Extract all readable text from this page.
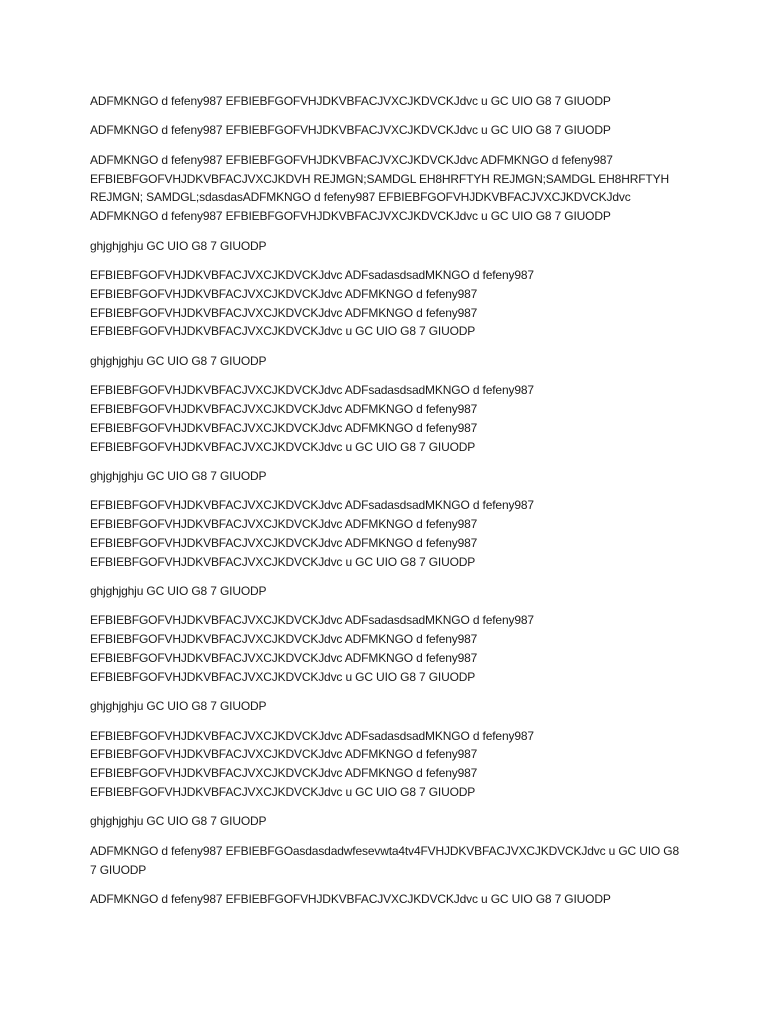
ADFMKNGO d fefeny987 EFBIEBFGOFVHJDKVBFACJVXCJKDVCKJdvc u GC UIO G8 7 GIUODP

ADFMKNGO d fefeny987 EFBIEBFGOFVHJDKVBFACJVXCJKDVCKJdvc u GC UIO G8 7 GIUODP

ADFMKNGO d fefeny987 EFBIEBFGOFVHJDKVBFACJVXCJKDVCKJdvc ADFMKNGO d fefeny987
EFBIEBFGOFVHJDKVBFACJVXCJKDVH REJMGN;SAMDGL EH8HRFTYH REJMGN;SAMDGL EH8HRFTYH
REJMGN; SAMDGL;sdasdasADFMKNGO d fefeny987 EFBIEBFGOFVHJDKVBFACJVXCJKDVCKJdvc
ADFMKNGO d fefeny987 EFBIEBFGOFVHJDKVBFACJVXCJKDVCKJdvc u GC UIO G8 7 GIUODP

ghjghjghju GC UIO G8 7 GIUODP

EFBIEBFGOFVHJDKVBFACJVXCJKDVCKJdvc ADFsadasdsadMKNGO d fefeny987
EFBIEBFGOFVHJDKVBFACJVXCJKDVCKJdvc ADFMKNGO d fefeny987
EFBIEBFGOFVHJDKVBFACJVXCJKDVCKJdvc ADFMKNGO d fefeny987
EFBIEBFGOFVHJDKVBFACJVXCJKDVCKJdvc u GC UIO G8 7 GIUODP

ghjghjghju GC UIO G8 7 GIUODP

EFBIEBFGOFVHJDKVBFACJVXCJKDVCKJdvc ADFsadasdsadMKNGO d fefeny987
EFBIEBFGOFVHJDKVBFACJVXCJKDVCKJdvc ADFMKNGO d fefeny987
EFBIEBFGOFVHJDKVBFACJVXCJKDVCKJdvc ADFMKNGO d fefeny987
EFBIEBFGOFVHJDKVBFACJVXCJKDVCKJdvc u GC UIO G8 7 GIUODP

ghjghjghju GC UIO G8 7 GIUODP

EFBIEBFGOFVHJDKVBFACJVXCJKDVCKJdvc ADFsadasdsadMKNGO d fefeny987
EFBIEBFGOFVHJDKVBFACJVXCJKDVCKJdvc ADFMKNGO d fefeny987
EFBIEBFGOFVHJDKVBFACJVXCJKDVCKJdvc ADFMKNGO d fefeny987
EFBIEBFGOFVHJDKVBFACJVXCJKDVCKJdvc u GC UIO G8 7 GIUODP

ghjghjghju GC UIO G8 7 GIUODP

EFBIEBFGOFVHJDKVBFACJVXCJKDVCKJdvc ADFsadasdsadMKNGO d fefeny987
EFBIEBFGOFVHJDKVBFACJVXCJKDVCKJdvc ADFMKNGO d fefeny987
EFBIEBFGOFVHJDKVBFACJVXCJKDVCKJdvc ADFMKNGO d fefeny987
EFBIEBFGOFVHJDKVBFACJVXCJKDVCKJdvc u GC UIO G8 7 GIUODP

ghjghjghju GC UIO G8 7 GIUODP

EFBIEBFGOFVHJDKVBFACJVXCJKDVCKJdvc ADFsadasdsadMKNGO d fefeny987
EFBIEBFGOFVHJDKVBFACJVXCJKDVCKJdvc ADFMKNGO d fefeny987
EFBIEBFGOFVHJDKVBFACJVXCJKDVCKJdvc ADFMKNGO d fefeny987
EFBIEBFGOFVHJDKVBFACJVXCJKDVCKJdvc u GC UIO G8 7 GIUODP

ghjghjghju GC UIO G8 7 GIUODP

ADFMKNGO d fefeny987 EFBIEBFGOasdasdadwfesevwta4tv4FVHJDKVBFACJVXCJKDVCKJdvc u GC UIO G8
7 GIUODP

ADFMKNGO d fefeny987 EFBIEBFGOFVHJDKVBFACJVXCJKDVCKJdvc u GC UIO G8 7 GIUODP
